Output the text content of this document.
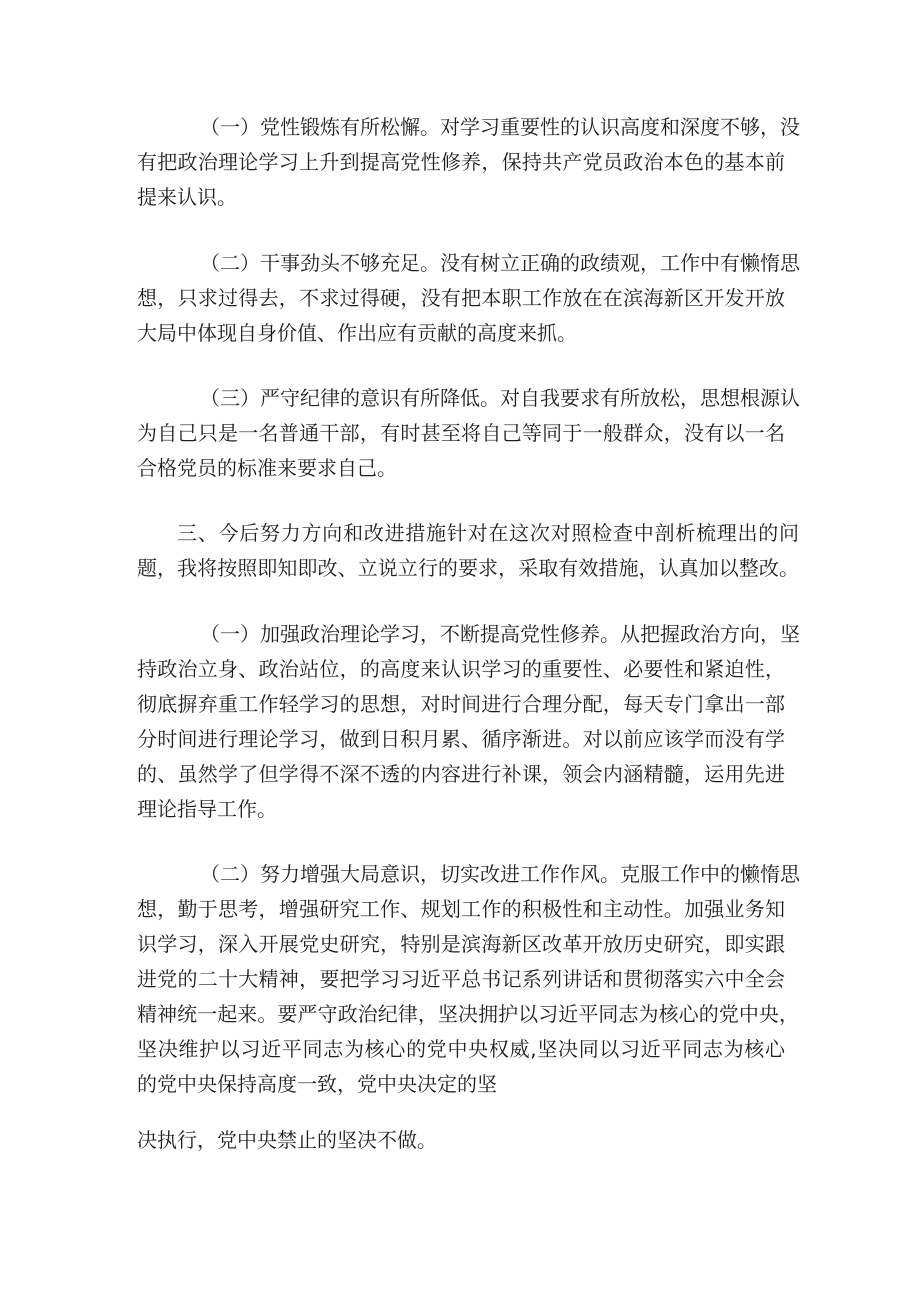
（一）党性锻炼有所松懈。对学习重要性的认识高度和深度不够，没

有把政治理论学习上升到提高党性修养，保持共产党员政治本色的基本前

提来认识。

（二）干事劲头不够充足。没有树立正确的政绩观，工作中有懒惰思

想，只求过得去，不求过得硬，没有把本职工作放在在滨海新区开发开放

大局中体现自身价值、作出应有贡献的高度来抓。

（三）严守纪律的意识有所降低。对自我要求有所放松，思想根源认

为自己只是一名普通干部，有时甚至将自己等同于一般群众，没有以一名

合格党员的标准来要求自己。

三、今后努力方向和改进措施针对在这次对照检查中剖析梳理出的问

题，我将按照即知即改、立说立行的要求，采取有效措施，认真加以整改。

（一）加强政治理论学习，不断提高党性修养。从把握政治方向，坚

持政治立身、政治站位，的高度来认识学习的重要性、必要性和紧迫性，

彻底摒弃重工作轻学习的思想，对时间进行合理分配，每天专门拿出一部

分时间进行理论学习，做到日积月累、循序渐进。对以前应该学而没有学

的、虽然学了但学得不深不透的内容进行补课，领会内涵精髓，运用先进

理论指导工作。

（二）努力增强大局意识，切实改进工作作风。克服工作中的懒惰思

想，勤于思考，增强研究工作、规划工作的积极性和主动性。加强业务知

识学习，深入开展党史研究，特别是滨海新区改革开放历史研究，即实跟

进党的二十大精神，要把学习习近平总书记系列讲话和贯彻落实六中全会

精神统一起来。要严守政治纪律，坚决拥护以习近平同志为核心的党中央，

坚决维护以习近平同志为核心的党中央权威,坚决同以习近平同志为核心

的党中央保持高度一致，党中央决定的坚

决执行，党中央禁止的坚决不做。
